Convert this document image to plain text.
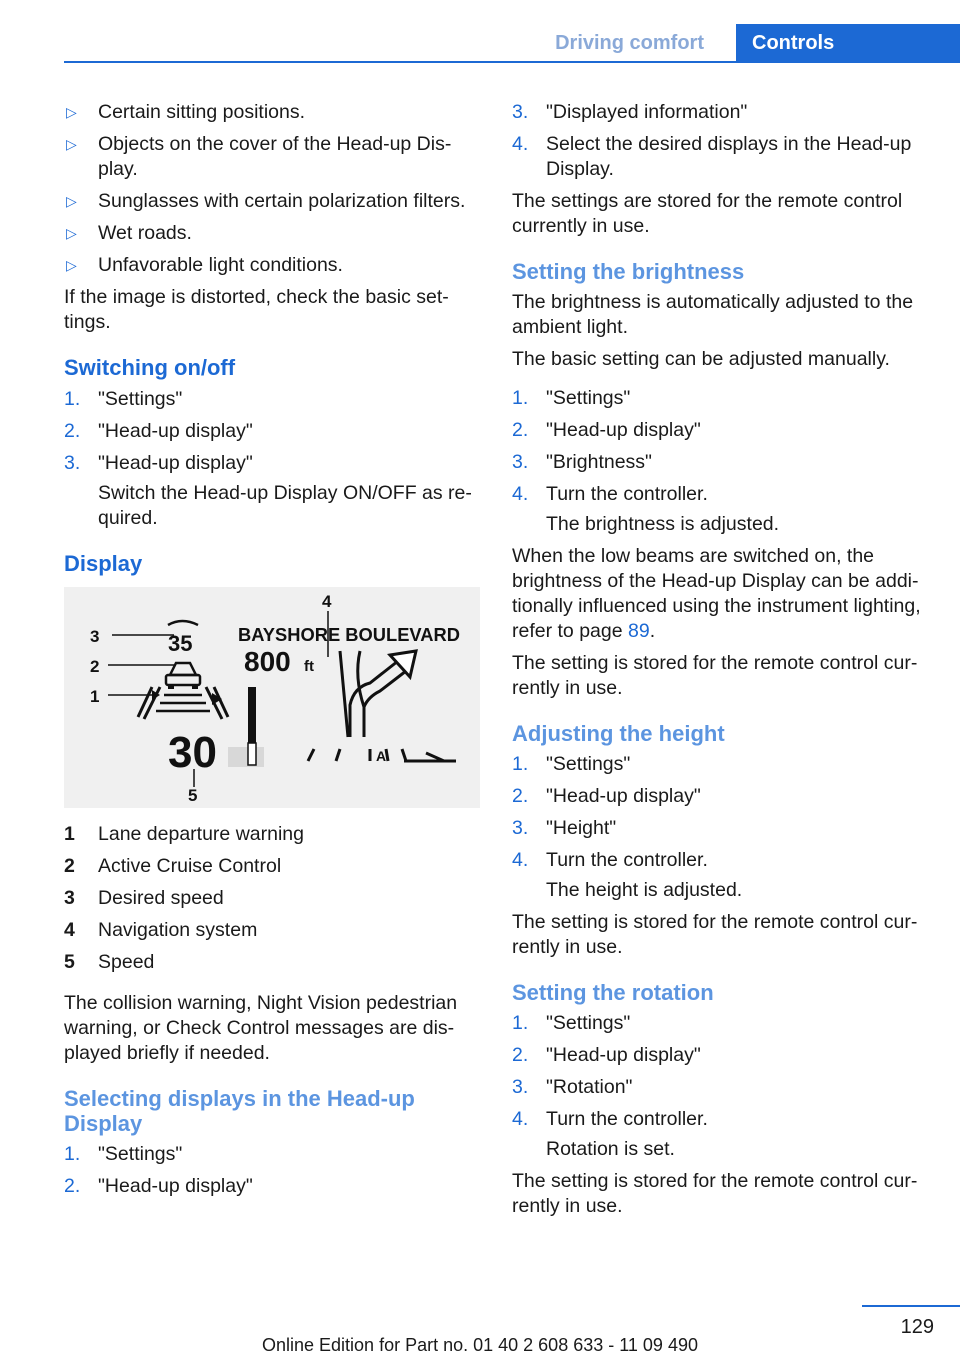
Driving comfort	Controls
▷ Certain sitting positions.
▷ Objects on the cover of the Head-up Dis-play.
▷ Sunglasses with certain polarization filters.
▷ Wet roads.
▷ Unfavorable light conditions.

If the image is distorted, check the basic set-tings.

Switching on/off
1. "Settings"
2. "Head-up display"
3. "Head-up display"
Switch the Head-up Display ON/OFF as re-quired.
Display
3
2
1
4
5
35
30
BAYSHORE BOULEVARD
800 ft
A
1	Lane departure warning
2	Active Cruise Control
3	Desired speed
4	Navigation system
5	Speed

The collision warning, Night Vision pedestrian warning, or Check Control messages are dis-played briefly if needed.

Selecting displays in the Head-up Display
1. "Settings"
2. "Head-up display"
3. "Displayed information"
4. Select the desired displays in the Head-up Display.

The settings are stored for the remote control currently in use.

Setting the brightness

The brightness is automatically adjusted to the ambient light.

The basic setting can be adjusted manually.

1. "Settings"
2. "Head-up display"
3. "Brightness"
4. Turn the controller.
The brightness is adjusted.

When the low beams are switched on, the brightness of the Head-up Display can be addi-tionally influenced using the instrument lighting, refer to page 89.

The setting is stored for the remote control cur-rently in use.

Adjusting the height
1. "Settings"
2. "Head-up display"
3. "Height"
4. Turn the controller.
The height is adjusted.

The setting is stored for the remote control cur-rently in use.

Setting the rotation
1. "Settings"
2. "Head-up display"
3. "Rotation"
4. Turn the controller.
Rotation is set.

The setting is stored for the remote control cur-rently in use.

129
Online Edition for Part no. 01 40 2 608 633 - 11 09 490
